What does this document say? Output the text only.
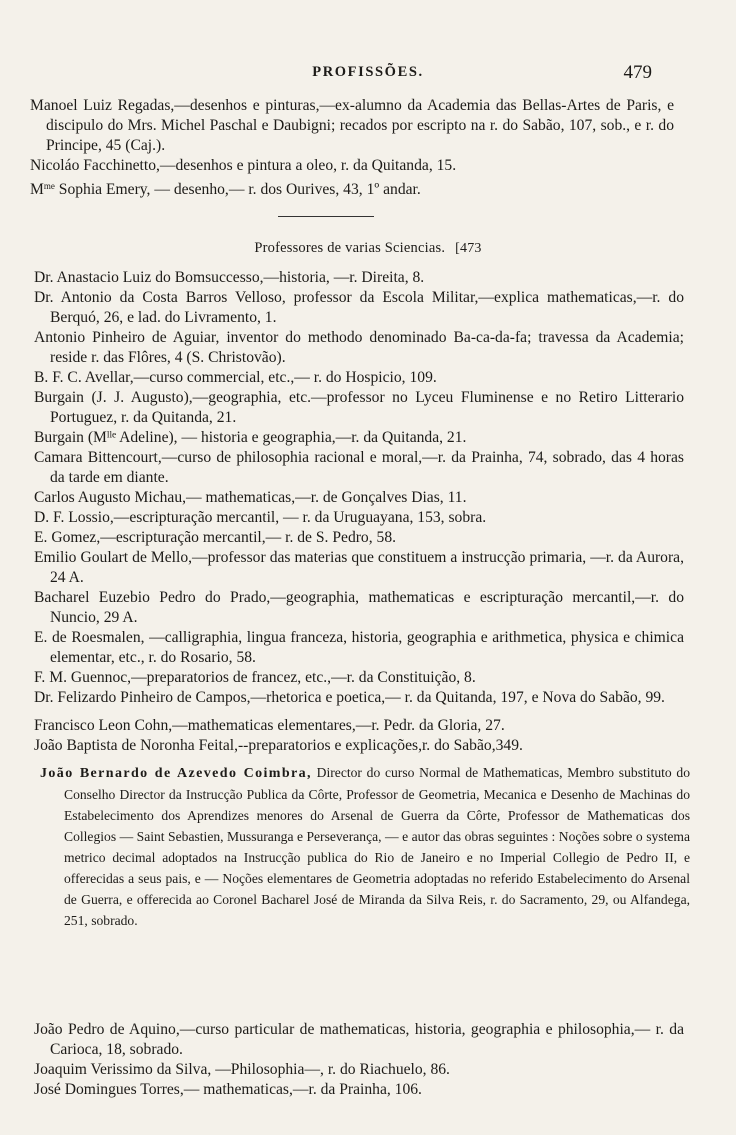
PROFISSÕES.	479
Manoel Luiz Regadas,—desenhos e pinturas,—ex-alumno da Academia das Bellas-Artes de Paris, e discipulo do Mrs. Michel Paschal e Daubigni; recados por escripto na r. do Sabão, 107, sob., e r. do Principe, 45 (Caj.).
Nicoláo Facchinetto,—desenhos e pintura a oleo, r. da Quitanda, 15.
$M^{me}$ Sophia Emery, — desenho,— r. dos Ourives, 43, 1º andar.
Professores de varias Sciencias. [473
Dr. Anastacio Luiz do Bomsuccesso,—historia, —r. Direita, 8.
Dr. Antonio da Costa Barros Velloso, professor da Escola Militar,—explica mathematicas,—r. do Berquó, 26, e lad. do Livramento, 1.
Antonio Pinheiro de Aguiar, inventor do methodo denominado Ba-ca-da-fa; travessa da Academia; reside r. das Flôres, 4 (S. Christovão).
B. F. C. Avellar,—curso commercial, etc.,— r. do Hospicio, 109.
Burgain (J. J. Augusto),—geographia, etc.—professor no Lyceu Fluminense e no Retiro Litterario Portuguez, r. da Quitanda, 21.
Burgain (Mˡˡᵉ Adeline), — historia e geographia,—r. da Quitanda, 21.
Camara Bittencourt,—curso de philosophia racional e moral,—r. da Prainha, 74, sobrado, das 4 horas da tarde em diante.
Carlos Augusto Michau,— mathematicas,—r. de Gonçalves Dias, 11.
D. F. Lossio,—escripturação mercantil, — r. da Uruguayana, 153, sobra.
E. Gomez,—escripturação mercantil,— r. de S. Pedro, 58.
Emilio Goulart de Mello,—professor das materias que constituem a instrucção primaria, —r. da Aurora, 24 A.
Bacharel Euzebio Pedro do Prado,—geographia, mathematicas e escripturação mercantil,—r. do Nuncio, 29 A.
E. de Roesmalen, —calligraphia, lingua franceza, historia, geographia e arithmetica, physica e chimica elementar, etc., r. do Rosario, 58.
F. M. Guennoc,—preparatorios de francez, etc.,—r. da Constituição, 8.
Dr. Felizardo Pinheiro de Campos,—rhetorica e poetica,— r. da Quitanda, 197, e Nova do Sabão, 99.
Francisco Leon Cohn,—mathematicas elementares,—r. Pedr. da Gloria, 27.
João Baptista de Noronha Feital,--preparatorios e explicações,r. do Sabão,349.
João Bernardo de Azevedo Coimbra, Director do curso Normal de Mathematicas, Membro substituto do Conselho Director da Instrucção Publica da Côrte, Professor de Geometria, Mecanica e Desenho de Machinas do Estabelecimento dos Aprendizes menores do Arsenal de Guerra da Côrte, Professor de Mathematicas dos Collegios — Saint Sebastien, Mussuranga e Perseverança, — e autor das obras seguintes : Noções sobre o systema metrico decimal adoptados na Instrucção publica do Rio de Janeiro e no Imperial Collegio de Pedro II, e offerecidas a seus pais, e — Noções elementares de Geometria adoptadas no referido Estabelecimento do Arsenal de Guerra, e offerecida ao Coronel Bacharel José de Miranda da Silva Reis, r. do Sacramento, 29, ou Alfandega, 251, sobrado.
João Pedro de Aquino,—curso particular de mathematicas, historia, geographia e philosophia,— r. da Carioca, 18, sobrado.
Joaquim Verissimo da Silva, —Philosophia—, r. do Riachuelo, 86.
José Domingues Torres,— mathematicas,—r. da Prainha, 106.
